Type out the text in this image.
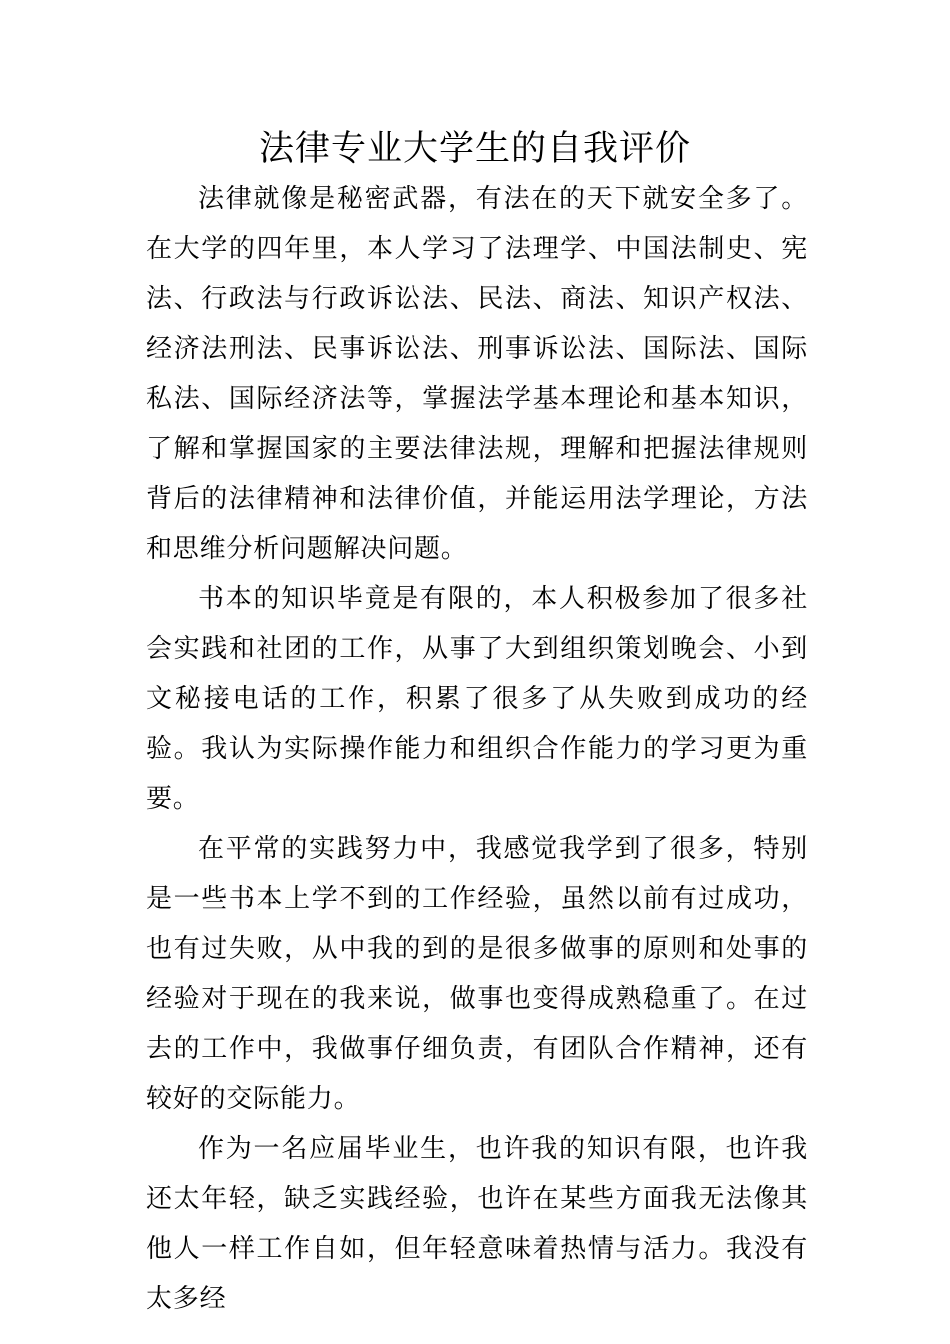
法律专业大学生的自我评价

法律就像是秘密武器，有法在的天下就安全多了。在大学的四年里，本人学习了法理学、中国法制史、宪法、行政法与行政诉讼法、民法、商法、知识产权法、经济法刑法、民事诉讼法、刑事诉讼法、国际法、国际私法、国际经济法等，掌握法学基本理论和基本知识，了解和掌握国家的主要法律法规，理解和把握法律规则背后的法律精神和法律价值，并能运用法学理论，方法和思维分析问题解决问题。

书本的知识毕竟是有限的，本人积极参加了很多社会实践和社团的工作，从事了大到组织策划晚会、小到文秘接电话的工作，积累了很多了从失败到成功的经验。我认为实际操作能力和组织合作能力的学习更为重要。

在平常的实践努力中，我感觉我学到了很多，特别是一些书本上学不到的工作经验，虽然以前有过成功，也有过失败，从中我的到的是很多做事的原则和处事的经验对于现在的我来说，做事也变得成熟稳重了。在过去的工作中，我做事仔细负责，有团队合作精神，还有较好的交际能力。

作为一名应届毕业生，也许我的知识有限，也许我还太年轻，缺乏实践经验，也许在某些方面我无法像其他人一样工作自如，但年轻意味着热情与活力。我没有太多经
